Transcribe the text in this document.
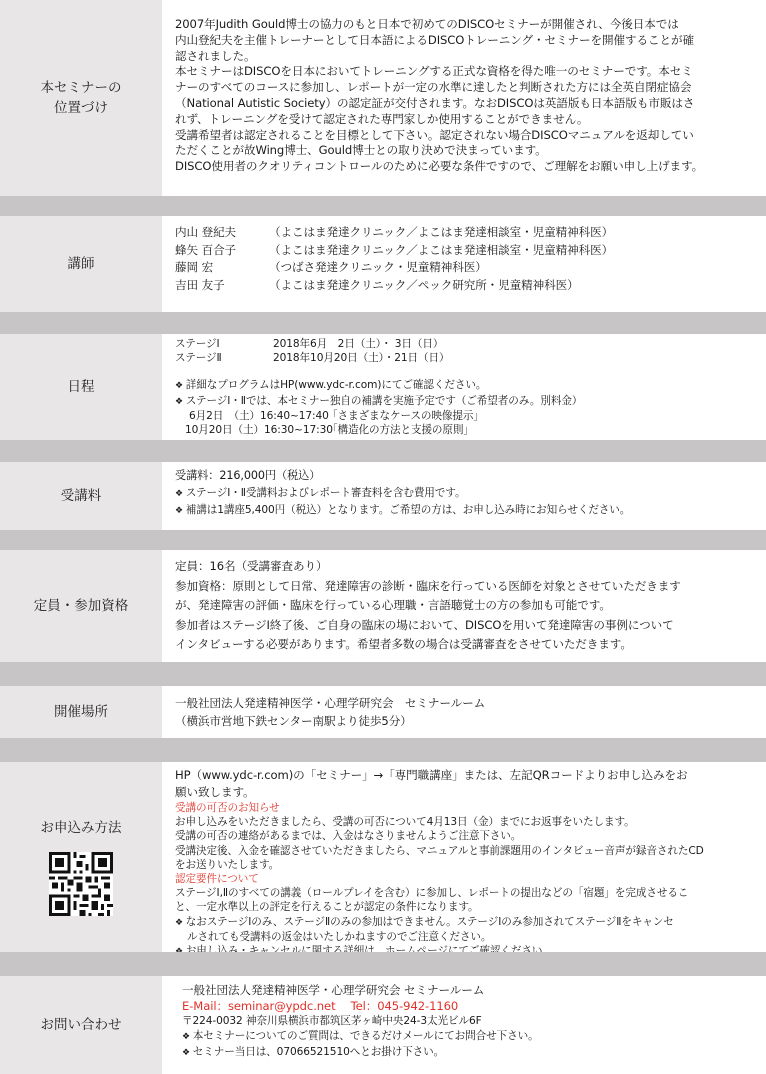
本セミナーの
位置づけ
2007年Judith Gould博士の協力のもと日本で初めてのDISCOセミナーが開催され、今後日本では
内山登紀夫を主催トレーナーとして日本語によるDISCOトレーニング・セミナーを開催することが確
認されました。
本セミナーはDISCOを日本においてトレーニングする正式な資格を得た唯一のセミナーです。本セミ
ナーのすべてのコースに参加し、レポートが一定の水準に達したと判断された方には全英自閉症協会
（National Autistic Society）の認定証が交付されます。なおDISCOは英語版も日本語版も市販はさ
れず、トレーニングを受けて認定された専門家しか使用することができません。
受講希望者は認定されることを目標として下さい。認定されない場合DISCOマニュアルを返却してい
ただくことが故Wing博士、Gould博士との取り決めで決まっています。
DISCO使用者のクオリティコントロールのために必要な条件ですので、ご理解をお願い申し上げます。
講師
内山 登紀夫	（よこはま発達クリニック／よこはま発達相談室・児童精神科医）
蜂矢 百合子	（よこはま発達クリニック／よこはま発達相談室・児童精神科医）
藤岡 宏	（つばさ発達クリニック・児童精神科医）
吉田 友子	（よこはま発達クリニック／ペック研究所・児童精神科医）
日程
ステージⅠ	2018年6月　2日（土）・ 3日（日）
ステージⅡ	2018年10月20日（土）・21日（日）
❖ 詳細なプログラムはHP(www.ydc-r.com)にてご確認ください。
❖ ステージⅠ・Ⅱでは、本セミナー独自の補講を実施予定です（ご希望者のみ。別料金）
6月2日　（土）16:40~17:40「さまざまなケースの映像提示」
10月20日（土）16:30~17:30「構造化の方法と支援の原則」
受講料
受講料：216,000円（税込）
❖ ステージⅠ・Ⅱ受講料およびレポート審査料を含む費用です。
❖ 補講は1講座5,400円（税込）となります。ご希望の方は、お申し込み時にお知らせください。
定員・参加資格
定員：16名（受講審査あり）
参加資格：原則として日常、発達障害の診断・臨床を行っている医師を対象とさせていただきます
が、発達障害の評価・臨床を行っている心理職・言語聴覚士の方の参加も可能です。
参加者はステージⅠ終了後、ご自身の臨床の場において、DISCOを用いて発達障害の事例について
インタビューする必要があります。希望者多数の場合は受講審査をさせていただきます。
開催場所
一般社団法人発達精神医学・心理学研究会　セミナールーム
（横浜市営地下鉄センター南駅より徒歩5分）
お申込み方法
HP（www.ydc-r.com)の「セミナー」→「専門職講座」または、左記QRコードよりお申し込みをお
願い致します。
受講の可否のお知らせ
お申し込みをいただきましたら、受講の可否について4月13日（金）までにお返事をいたします。
受講の可否の連絡があるまでは、入金はなさりませんようご注意下さい。
受講決定後、入金を確認させていただきましたら、マニュアルと事前課題用のインタビュー音声が録音されたCD
をお送りいたします。
認定要件について
ステージⅠ,Ⅱのすべての講義（ロールプレイを含む）に参加し、レポートの提出などの「宿題」を完成させるこ
と、一定水準以上の評定を行えることが認定の条件になります。
❖ なおステージⅠのみ、ステージⅡのみの参加はできません。ステージⅠのみ参加されてステージⅡをキャンセ
ルされても受講料の返金はいたしかねますのでご注意ください。
❖
お問い合わせ
一般社団法人発達精神医学・心理学研究会 セミナールーム
E-Mail：seminar@ypdc.net　 Tel：045-942-1160
〒224-0032 神奈川県横浜市都筑区茅ヶ崎中央24-3太光ビル6F
❖ 本セミナーについてのご質問は、できるだけメールにてお問合せ下さい。
❖ セミナー当日は、07066521510へとお掛け下さい。
